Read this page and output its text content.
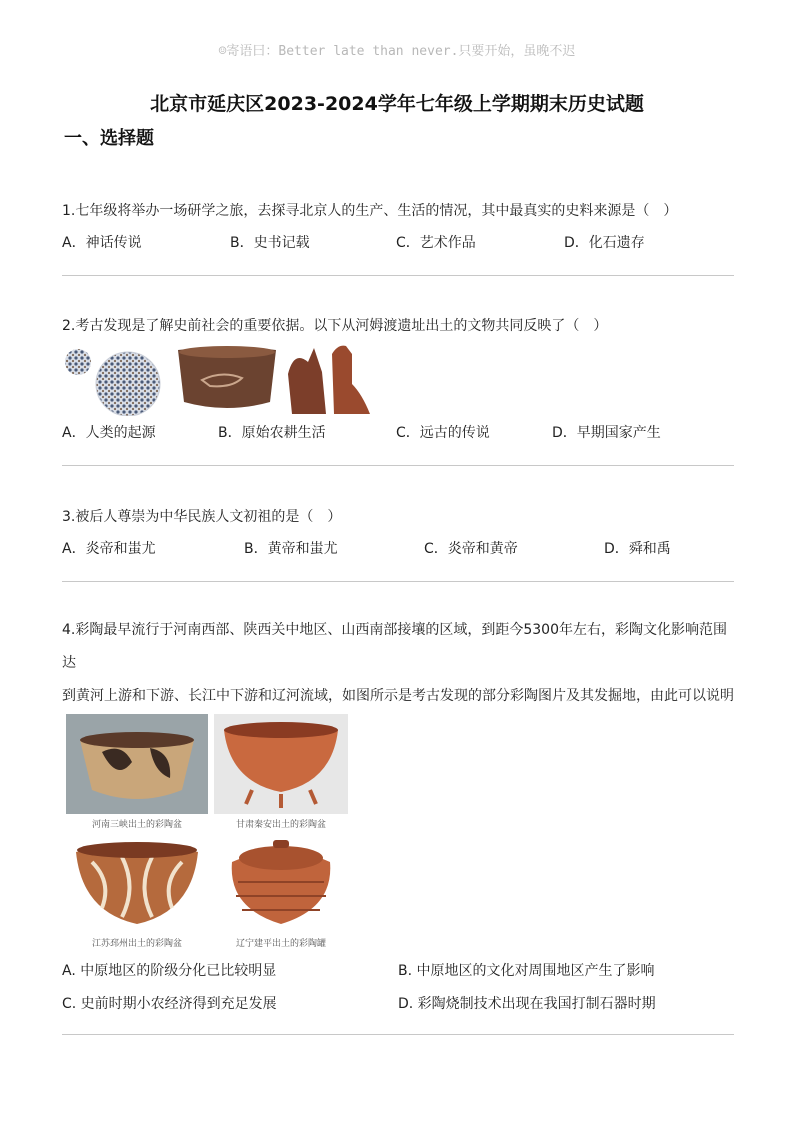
☺寄语曰：Better late than never.只要开始，虽晚不迟
北京市延庆区2023-2024学年七年级上学期期末历史试题
一、选择题
1.七年级将举办一场研学之旅，去探寻北京人的生产、生活的情况，其中最真实的史料来源是（　）
A．神话传说	B．史书记载	C．艺术作品	D．化石遗存
2.考古发现是了解史前社会的重要依据。以下从河姆渡遗址出土的文物共同反映了（　）
A．人类的起源	B．原始农耕生活	C．远古的传说	D．早期国家产生
3.被后人尊崇为中华民族人文初祖的是（　）
A．炎帝和蚩尤	B．黄帝和蚩尤	C．炎帝和黄帝	D．舜和禹
4.彩陶最早流行于河南西部、陕西关中地区、山西南部接壤的区域，到距今5300年左右，彩陶文化影响范围达
到黄河上游和下游、长江中下游和辽河流域，如图所示是考古发现的部分彩陶图片及其发掘地，由此可以说明
河南三峡出土的彩陶盆	甘肃秦安出土的彩陶盆
江苏邳州出土的彩陶盆	辽宁建平出土的彩陶罐
A. 中原地区的阶级分化已比较明显	B. 中原地区的文化对周围地区产生了影响
C. 史前时期小农经济得到充足发展	D. 彩陶烧制技术出现在我国打制石器时期
